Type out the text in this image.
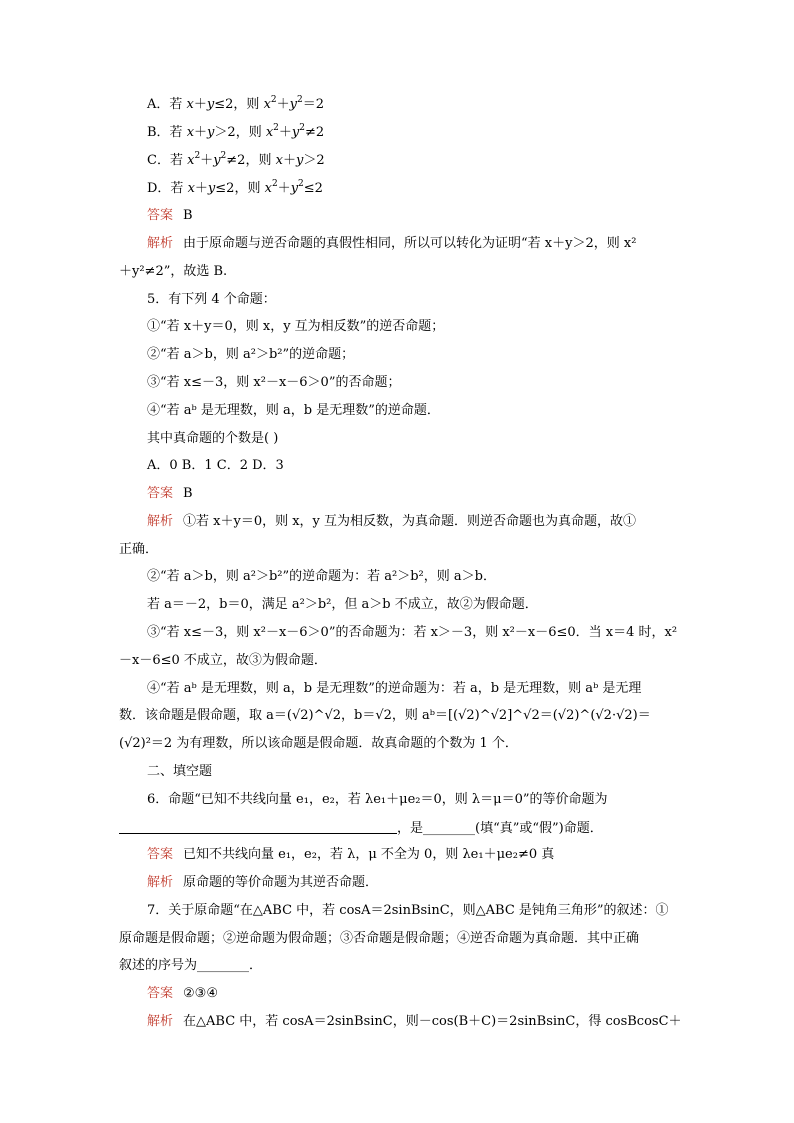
A．若 x＋y≤2，则 $x^2+y^2=2$
B．若 x＋y＞2，则 $x^2+y^2\ne 2$
C．若 $x^2+y^2\ne 2$，则 x＋y＞2
D．若 x＋y≤2，则 $x^2+y^2\le 2$
答案 B
解析 由于原命题与逆否命题的真假性相同，所以可以转化为证明“若 x＋y＞2，则 x²
＋y²≠2”，故选 B.
5．有下列 4 个命题：
①“若 x＋y＝0，则 x，y 互为相反数”的逆否命题；
②“若 a＞b，则 a²＞b²”的逆命题；
③“若 x≤－3，则 x²－x－6＞0”的否命题；
④“若 aᵇ 是无理数，则 a，b 是无理数”的逆命题．
其中真命题的个数是( )
A．0 B．1 C．2 D．3
答案 B
解析 ①若 x＋y＝0，则 x，y 互为相反数，为真命题．则逆否命题也为真命题，故①
正确．
②“若 a＞b，则 a²＞b²”的逆命题为：若 a²＞b²，则 a＞b．
若 a＝－2，b＝0，满足 a²＞b²，但 a＞b 不成立，故②为假命题．
③“若 x≤－3，则 x²－x－6＞0”的否命题为：若 x＞－3，则 x²－x－6≤0．当 x＝4 时，x²
－x－6≤0 不成立，故③为假命题．
④“若 aᵇ 是无理数，则 a，b 是无理数”的逆命题为：若 a，b 是无理数，则 aᵇ 是无理
数．该命题是假命题，取 a＝(√2)^√2，b＝√2，则 aᵇ＝[(√2)^√2]^√2＝(√2)^(√2·√2)＝
(√2)²＝2 为有理数，所以该命题是假命题．故真命题的个数为 1 个．
二、填空题
6．命题“已知不共线向量 e₁，e₂，若 λe₁＋μe₂＝0，则 λ＝μ＝0”的等价命题为
，是________(填“真”或“假”)命题．
答案 已知不共线向量 e₁，e₂，若 λ，μ 不全为 0，则 λe₁＋μe₂≠0 真
解析 原命题的等价命题为其逆否命题．
7．关于原命题“在△ABC 中，若 cosA＝2sinBsinC，则△ABC 是钝角三角形”的叙述：①
原命题是假命题；②逆命题为假命题；③否命题是假命题；④逆否命题为真命题．其中正确
叙述的序号为________．
答案 ②③④
解析 在△ABC 中，若 cosA＝2sinBsinC，则－cos(B＋C)＝2sinBsinC，得 cosBcosC＋
